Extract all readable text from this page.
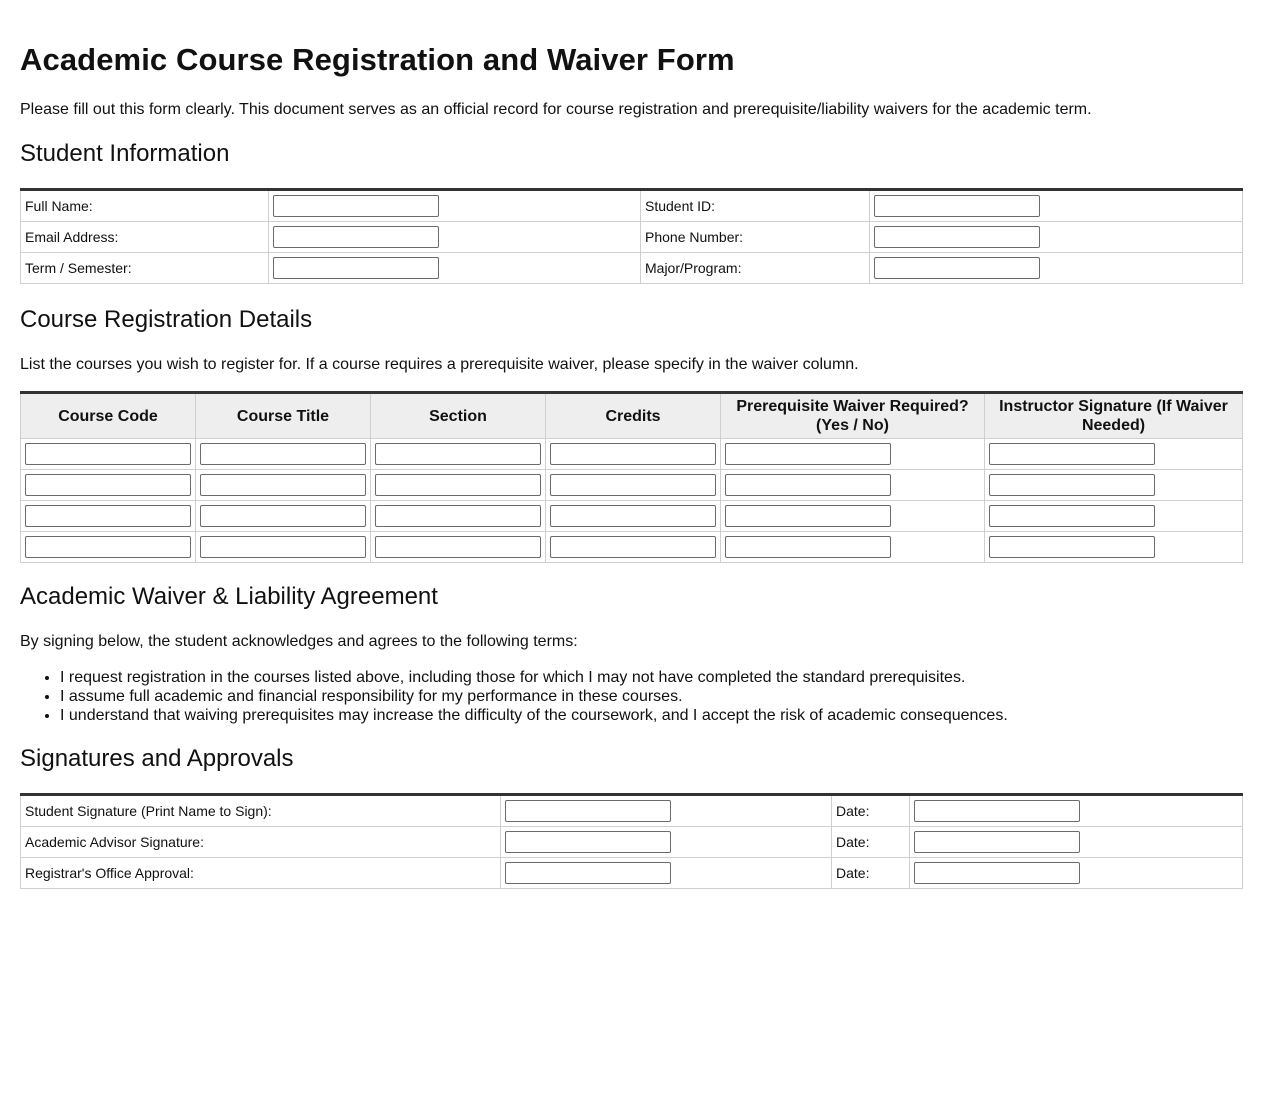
Academic Course Registration and Waiver Form

Please fill out this form clearly. This document serves as an official record for course registration and prerequisite/liability waivers for the academic term.

Student Information
Full Name:		Student ID:	

Email Address:		Phone Number:	

Term / Semester:		Major/Program:	
Course Registration Details

List the courses you wish to register for. If a course requires a prerequisite waiver, please specify in the waiver column.

Course Code	Course Title	Section	Credits	Prerequisite Waiver Required? (Yes / No)	Instructor Signature (If Waiver Needed)

Academic Waiver & Liability Agreement

By signing below, the student acknowledges and agrees to the following terms:

• I request registration in the courses listed above, including those for which I may not have completed the standard prerequisites.
• I assume full academic and financial responsibility for my performance in these courses.
• I understand that waiving prerequisites may increase the difficulty of the coursework, and I accept the risk of academic consequences.
Signatures and Approvals
Student Signature (Print Name to Sign):		Date:	

Academic Advisor Signature:		Date:	

Registrar's Office Approval:		Date:	
